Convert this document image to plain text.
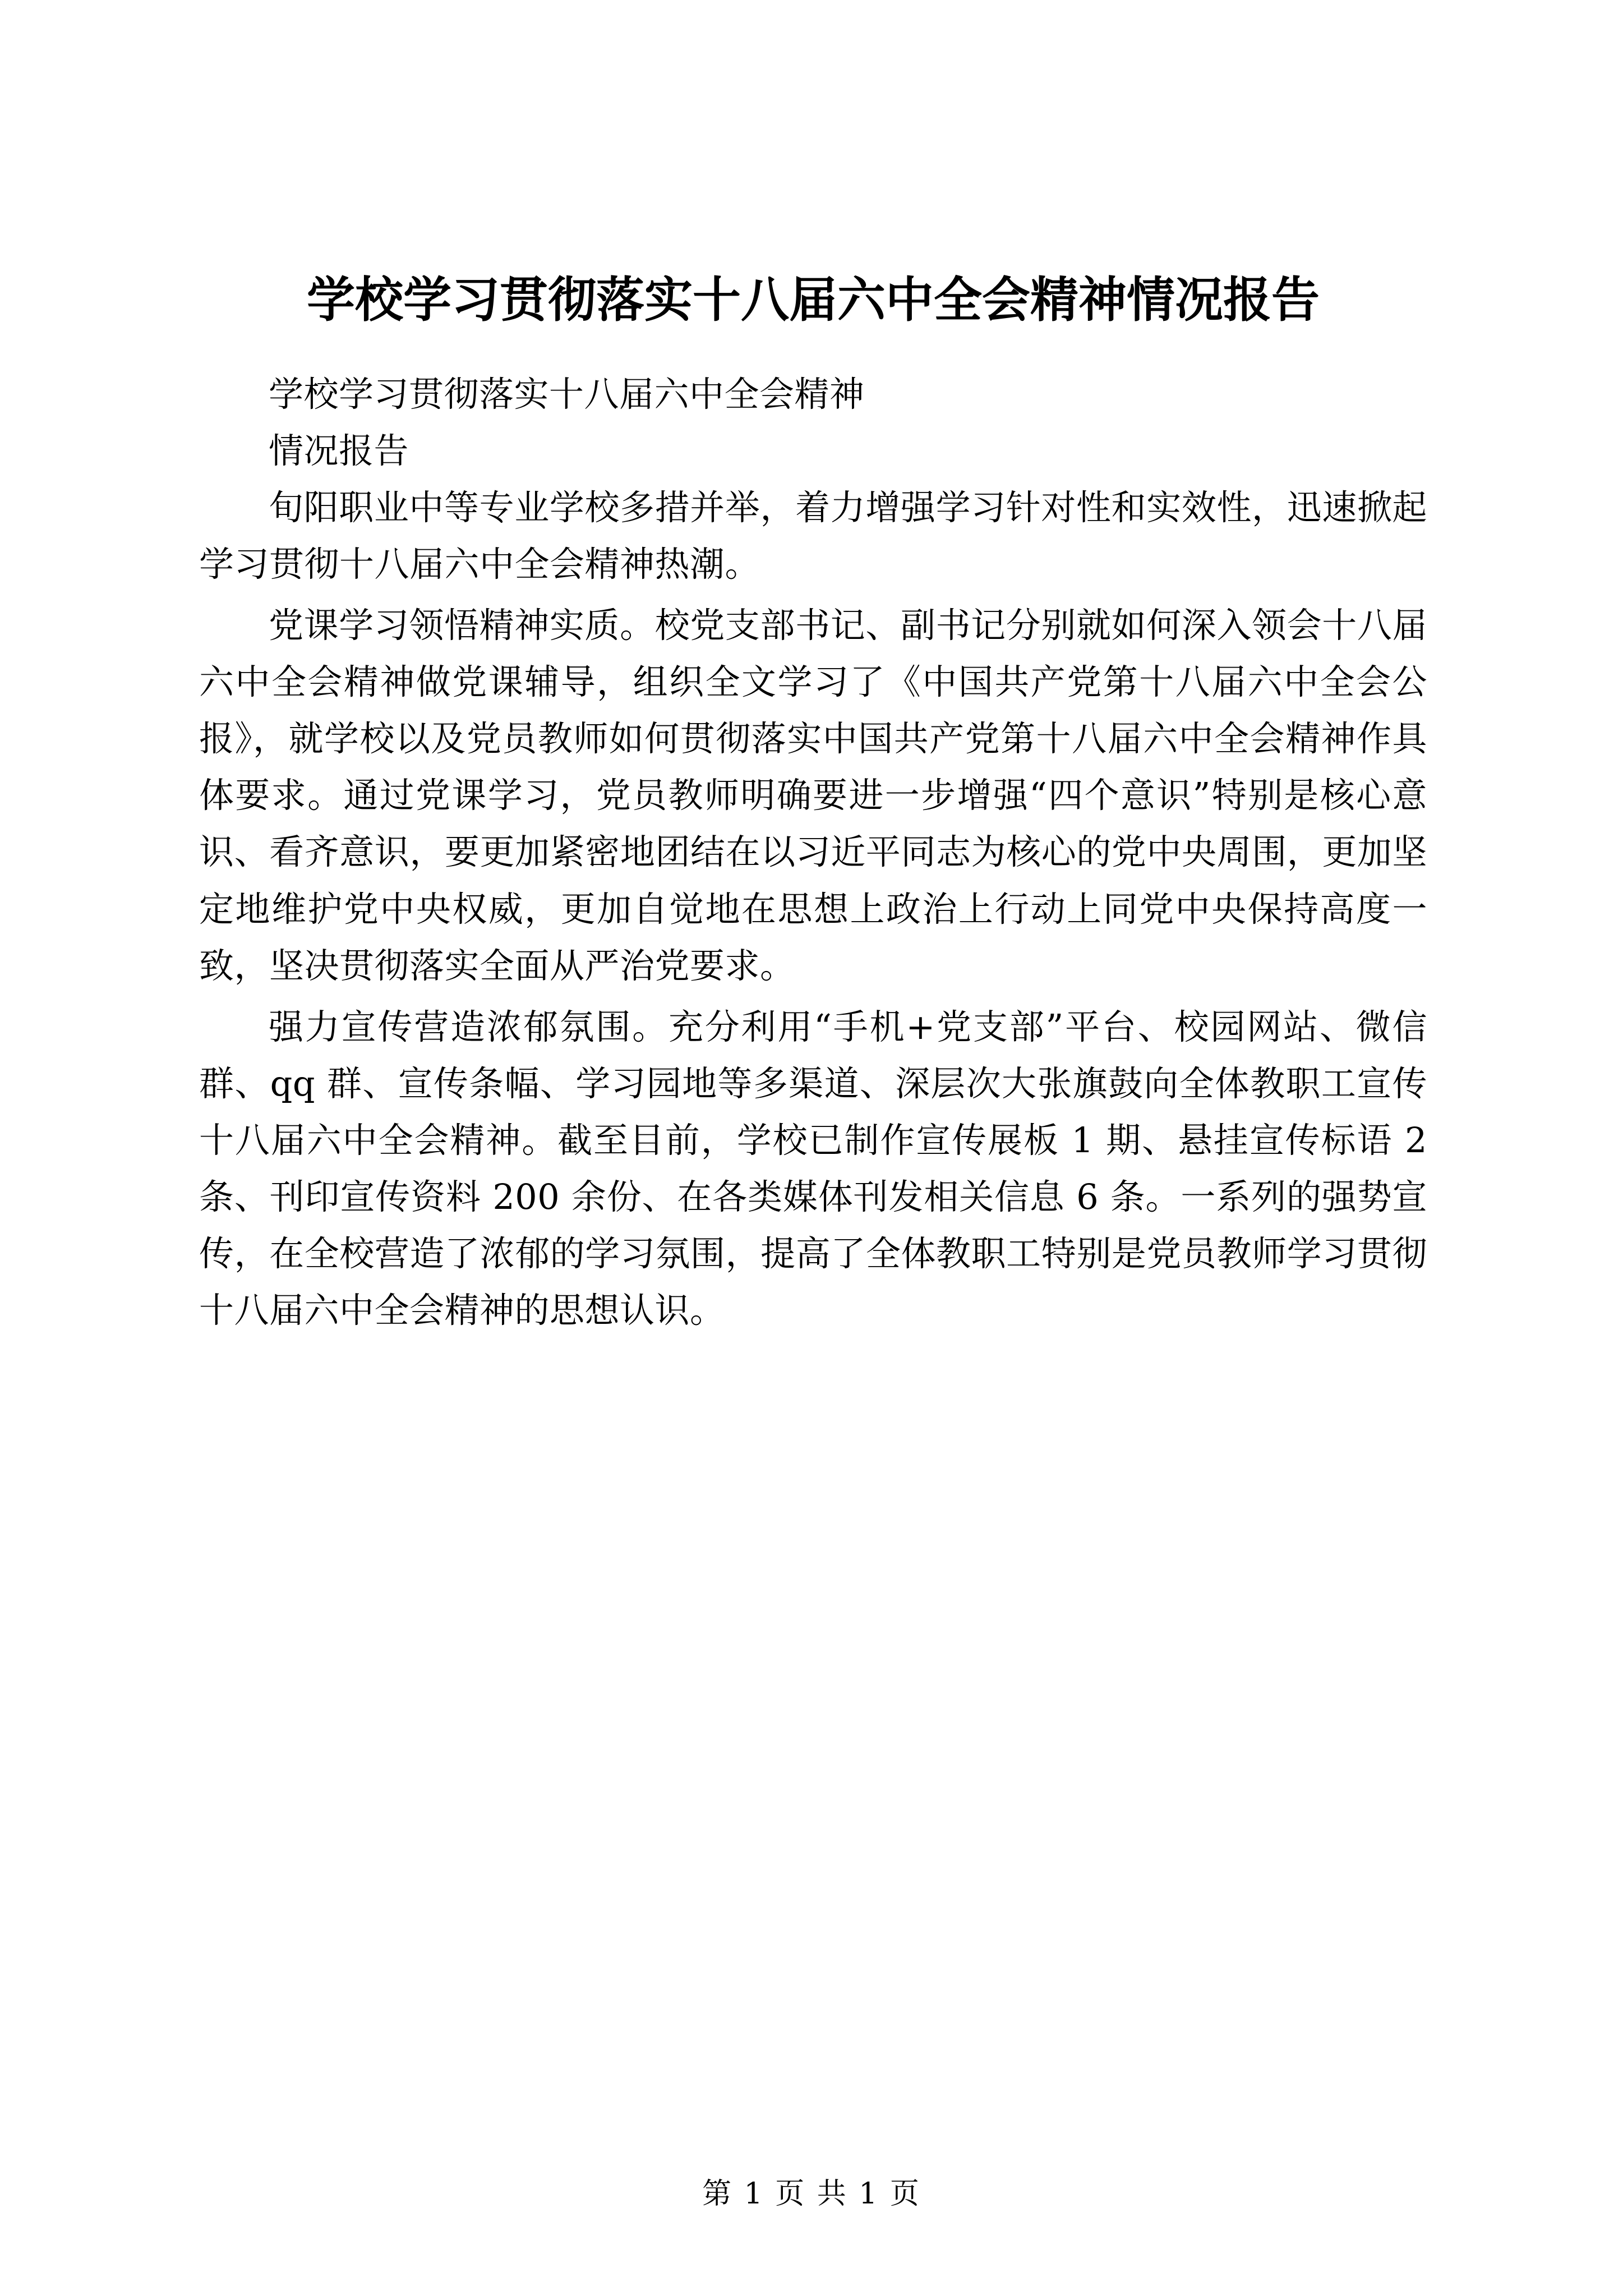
学校学习贯彻落实十八届六中全会精神情况报告

学校学习贯彻落实十八届六中全会精神

情况报告

旬阳职业中等专业学校多措并举，着力增强学习针对性和实效性，迅速掀起学习贯彻十八届六中全会精神热潮。

党课学习领悟精神实质。校党支部书记、副书记分别就如何深入领会十八届六中全会精神做党课辅导，组织全文学习了《中国共产党第十八届六中全会公报》，就学校以及党员教师如何贯彻落实中国共产党第十八届六中全会精神作具体要求。通过党课学习，党员教师明确要进一步增强“四个意识”特别是核心意识、看齐意识，要更加紧密地团结在以习近平同志为核心的党中央周围，更加坚定地维护党中央权威，更加自觉地在思想上政治上行动上同党中央保持高度一致，坚决贯彻落实全面从严治党要求。

强力宣传营造浓郁氛围。充分利用“手机+党支部”平台、校园网站、微信群、qq 群、宣传条幅、学习园地等多渠道、深层次大张旗鼓向全体教职工宣传十八届六中全会精神。截至目前，学校已制作宣传展板 1 期、悬挂宣传标语 2 条、刊印宣传资料 200 余份、在各类媒体刊发相关信息 6 条。一系列的强势宣传，在全校营造了浓郁的学习氛围，提高了全体教职工特别是党员教师学习贯彻十八届六中全会精神的思想认识。

第 1 页 共 1 页
